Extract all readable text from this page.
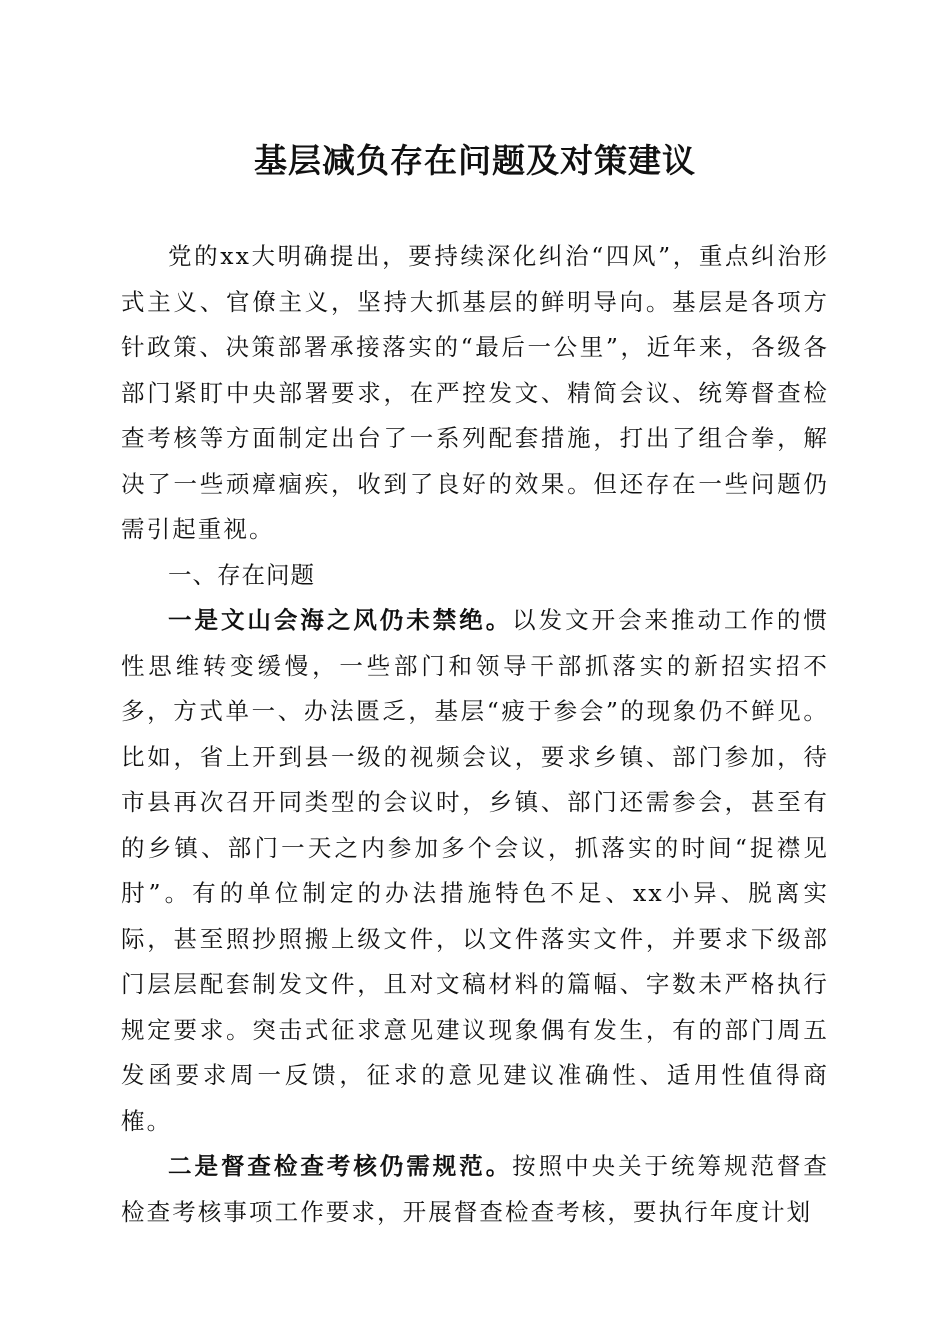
基层减负存在问题及对策建议

党的xx大明确提出，要持续深化纠治“四风”，重点纠治形式主义、官僚主义，坚持大抓基层的鲜明导向。基层是各项方针政策、决策部署承接落实的“最后一公里”，近年来，各级各部门紧盯中央部署要求，在严控发文、精简会议、统筹督查检查考核等方面制定出台了一系列配套措施，打出了组合拳，解决了一些顽瘴痼疾，收到了良好的效果。但还存在一些问题仍需引起重视。

一、存在问题

一是文山会海之风仍未禁绝。以发文开会来推动工作的惯性思维转变缓慢，一些部门和领导干部抓落实的新招实招不多，方式单一、办法匮乏，基层“疲于参会”的现象仍不鲜见。比如，省上开到县一级的视频会议，要求乡镇、部门参加，待市县再次召开同类型的会议时，乡镇、部门还需参会，甚至有的乡镇、部门一天之内参加多个会议，抓落实的时间“捉襟见肘”。有的单位制定的办法措施特色不足、xx小异、脱离实际，甚至照抄照搬上级文件，以文件落实文件，并要求下级部门层层配套制发文件，且对文稿材料的篇幅、字数未严格执行规定要求。突击式征求意见建议现象偶有发生，有的部门周五发函要求周一反馈，征求的意见建议准确性、适用性值得商榷。

二是督查检查考核仍需规范。按照中央关于统筹规范督查检查考核事项工作要求，开展督查检查考核，要执行年度计划
